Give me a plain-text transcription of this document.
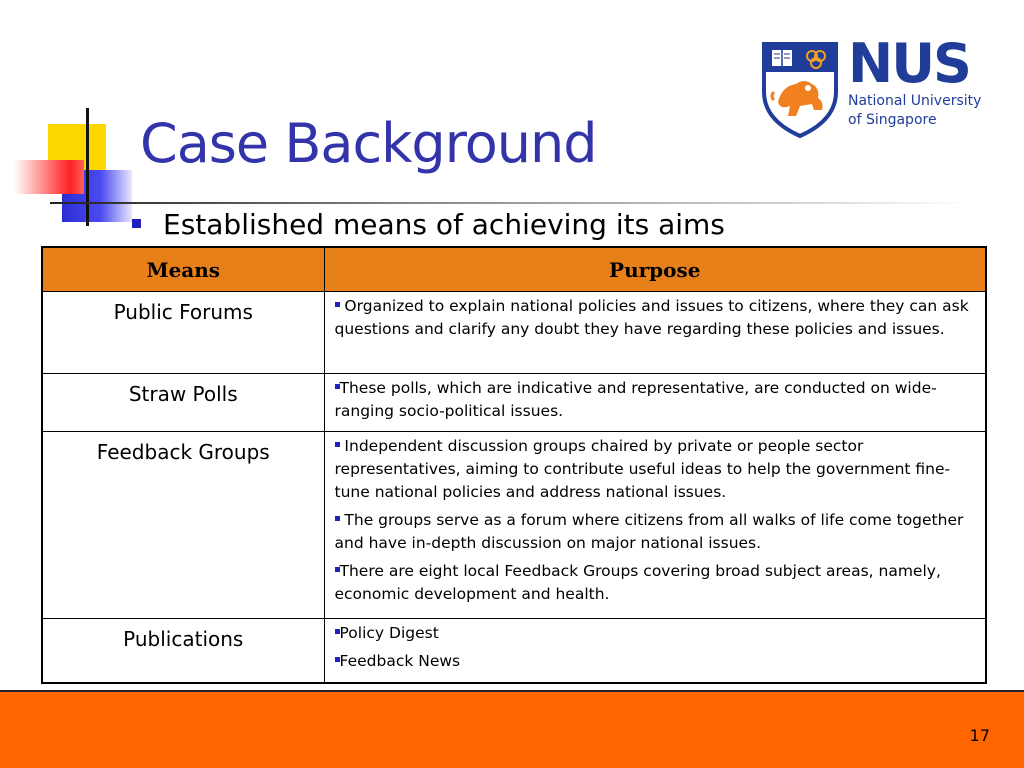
Case Background
Established means of achieving its aims
NUS
National University
of Singapore
Means	Purpose
Public Forums	Organized to explain national policies and issues to citizens, where they can ask questions and clarify any doubt they have regarding these policies and issues.

Straw Polls	These polls, which are indicative and representative, are conducted on wide-ranging socio-political issues.

Feedback Groups	Independent discussion groups chaired by private or people sector representatives, aiming to contribute useful ideas to help the government fine-tune national policies and address national issues.
The groups serve as a forum where citizens from all walks of life come together and have in-depth discussion on major national issues.
There are eight local Feedback Groups covering broad subject areas, namely, economic development and health.

Publications	Policy Digest
Feedback News
17
